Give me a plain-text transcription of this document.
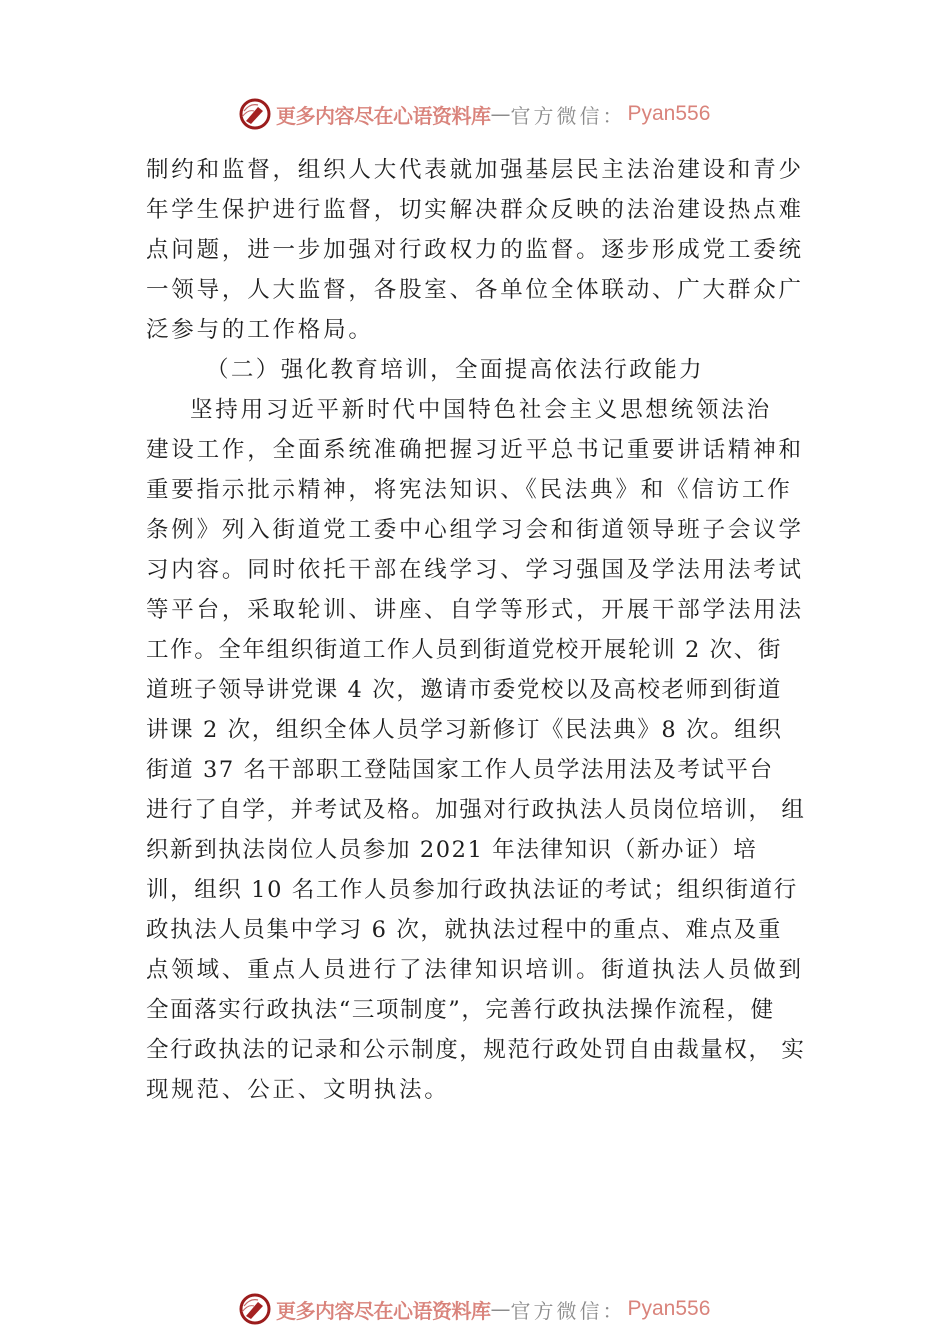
更多内容尽在心语资料库 — 官方微信： Pyan556
制约和监督，组织人大代表就加强基层民主法治建设和青少
年学生保护进行监督，切实解决群众反映的法治建设热点难
点问题，进一步加强对行政权力的监督。逐步形成党工委统
一领导，人大监督，各股室、各单位全体联动、广大群众广
泛参与的工作格局。
（二）强化教育培训，全面提高依法行政能力
坚持用习近平新时代中国特色社会主义思想统领法治
建设工作，全面系统准确把握习近平总书记重要讲话精神和
重要指示批示精神，将宪法知识、《民法典》和《信访工作
条例》列入街道党工委中心组学习会和街道领导班子会议学
习内容。同时依托干部在线学习、学习强国及学法用法考试
等平台，采取轮训、讲座、自学等形式，开展干部学法用法
工作。全年组织街道工作人员到街道党校开展轮训 2 次、街
道班子领导讲党课 4 次，邀请市委党校以及高校老师到街道
讲课 2 次，组织全体人员学习新修订《民法典》8 次。组织
街道 37 名干部职工登陆国家工作人员学法用法及考试平台
进行了自学，并考试及格。加强对行政执法人员岗位培训， 组
织新到执法岗位人员参加 2021 年法律知识（新办证）培
训，组织 10 名工作人员参加行政执法证的考试；组织街道行
政执法人员集中学习 6 次，就执法过程中的重点、难点及重
点领域、重点人员进行了法律知识培训。街道执法人员做到
全面落实行政执法“三项制度”，完善行政执法操作流程，健
全行政执法的记录和公示制度，规范行政处罚自由裁量权， 实
现规范、公正、文明执法。
更多内容尽在心语资料库 — 官方微信： Pyan556
